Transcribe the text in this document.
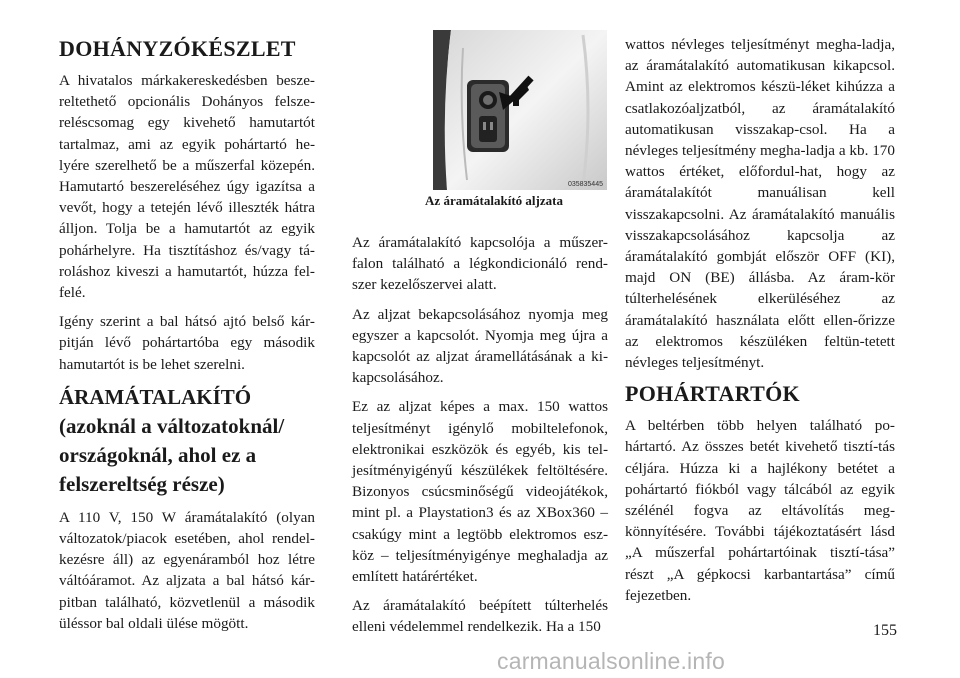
DOHÁNYZÓKÉSZLET

A hivatalos márkakereskedésben besze-reltethető opcionális Dohányos felsze-reléscsomag egy kivehető hamutartót tartalmaz, ami az egyik pohártartó he-lyére szerelhető be a műszerfal közepén. Hamutartó beszereléséhez úgy igazítsa a vevőt, hogy a tetején lévő illeszték hátra álljon. Tolja be a hamutartót az egyik pohárhelyre. Ha tisztításhoz és/vagy tá-roláshoz kiveszi a hamutartót, húzza fel-felé.

Igény szerint a bal hátsó ajtó belső kár-pitján lévő pohártartóba egy második hamutartót is be lehet szerelni.

ÁRAMÁTALAKÍTÓ (azoknál a változatoknál/ országoknál, ahol ez a felszereltség része)

A 110 V, 150 W áramátalakító (olyan változatok/piacok esetében, ahol rendel-kezésre áll) az egyenáramból hoz létre váltóáramot. Az aljzata a bal hátsó kár-pitban található, közvetlenül a második üléssor bal oldali ülése mögött.

035835445
Az áramátalakító aljzata

Az áramátalakító kapcsolója a műszer-falon található a légkondicionáló rend-szer kezelőszervei alatt.

Az aljzat bekapcsolásához nyomja meg egyszer a kapcsolót. Nyomja meg újra a kapcsolót az aljzat áramellátásának a ki-kapcsolásához.

Ez az aljzat képes a max. 150 wattos teljesítményt igénylő mobiltelefonok, elektronikai eszközök és egyéb, kis tel-jesítményigényű készülékek feltöltésére. Bizonyos csúcsminőségű videojátékok, mint pl. a Playstation3 és az XBox360 – csakúgy mint a legtöbb elektromos esz-köz – teljesítményigénye meghaladja az említett határértéket.

Az áramátalakító beépített túlterhelés elleni védelemmel rendelkezik. Ha a 150

wattos névleges teljesítményt megha-ladja, az áramátalakító automatikusan kikapcsol. Amint az elektromos készü-léket kihúzza a csatlakozóaljzatból, az áramátalakító automatikusan visszakap-csol. Ha a névleges teljesítmény megha-ladja a kb. 170 wattos értéket, előfordul-hat, hogy az áramátalakítót manuálisan kell visszakapcsolni. Az áramátalakító manuális visszakapcsolásához kapcsolja az áramátalakító gombját először OFF (KI), majd ON (BE) állásba. Az áram-kör túlterhelésének elkerüléséhez az áramátalakító használata előtt ellen-őrizze az elektromos készüléken feltün-tetett névleges teljesítményt.

POHÁRTARTÓK

A beltérben több helyen található po-hártartó. Az összes betét kivehető tisztí-tás céljára. Húzza ki a hajlékony betétet a pohártartó fiókból vagy tálcából az egyik szélénél fogva az eltávolítás meg-könnyítésére. További tájékoztatásért lásd „A műszerfal pohártartóinak tisztí-tása” részt „A gépkocsi karbantartása” című fejezetben.

155
carmanualsonline.info
